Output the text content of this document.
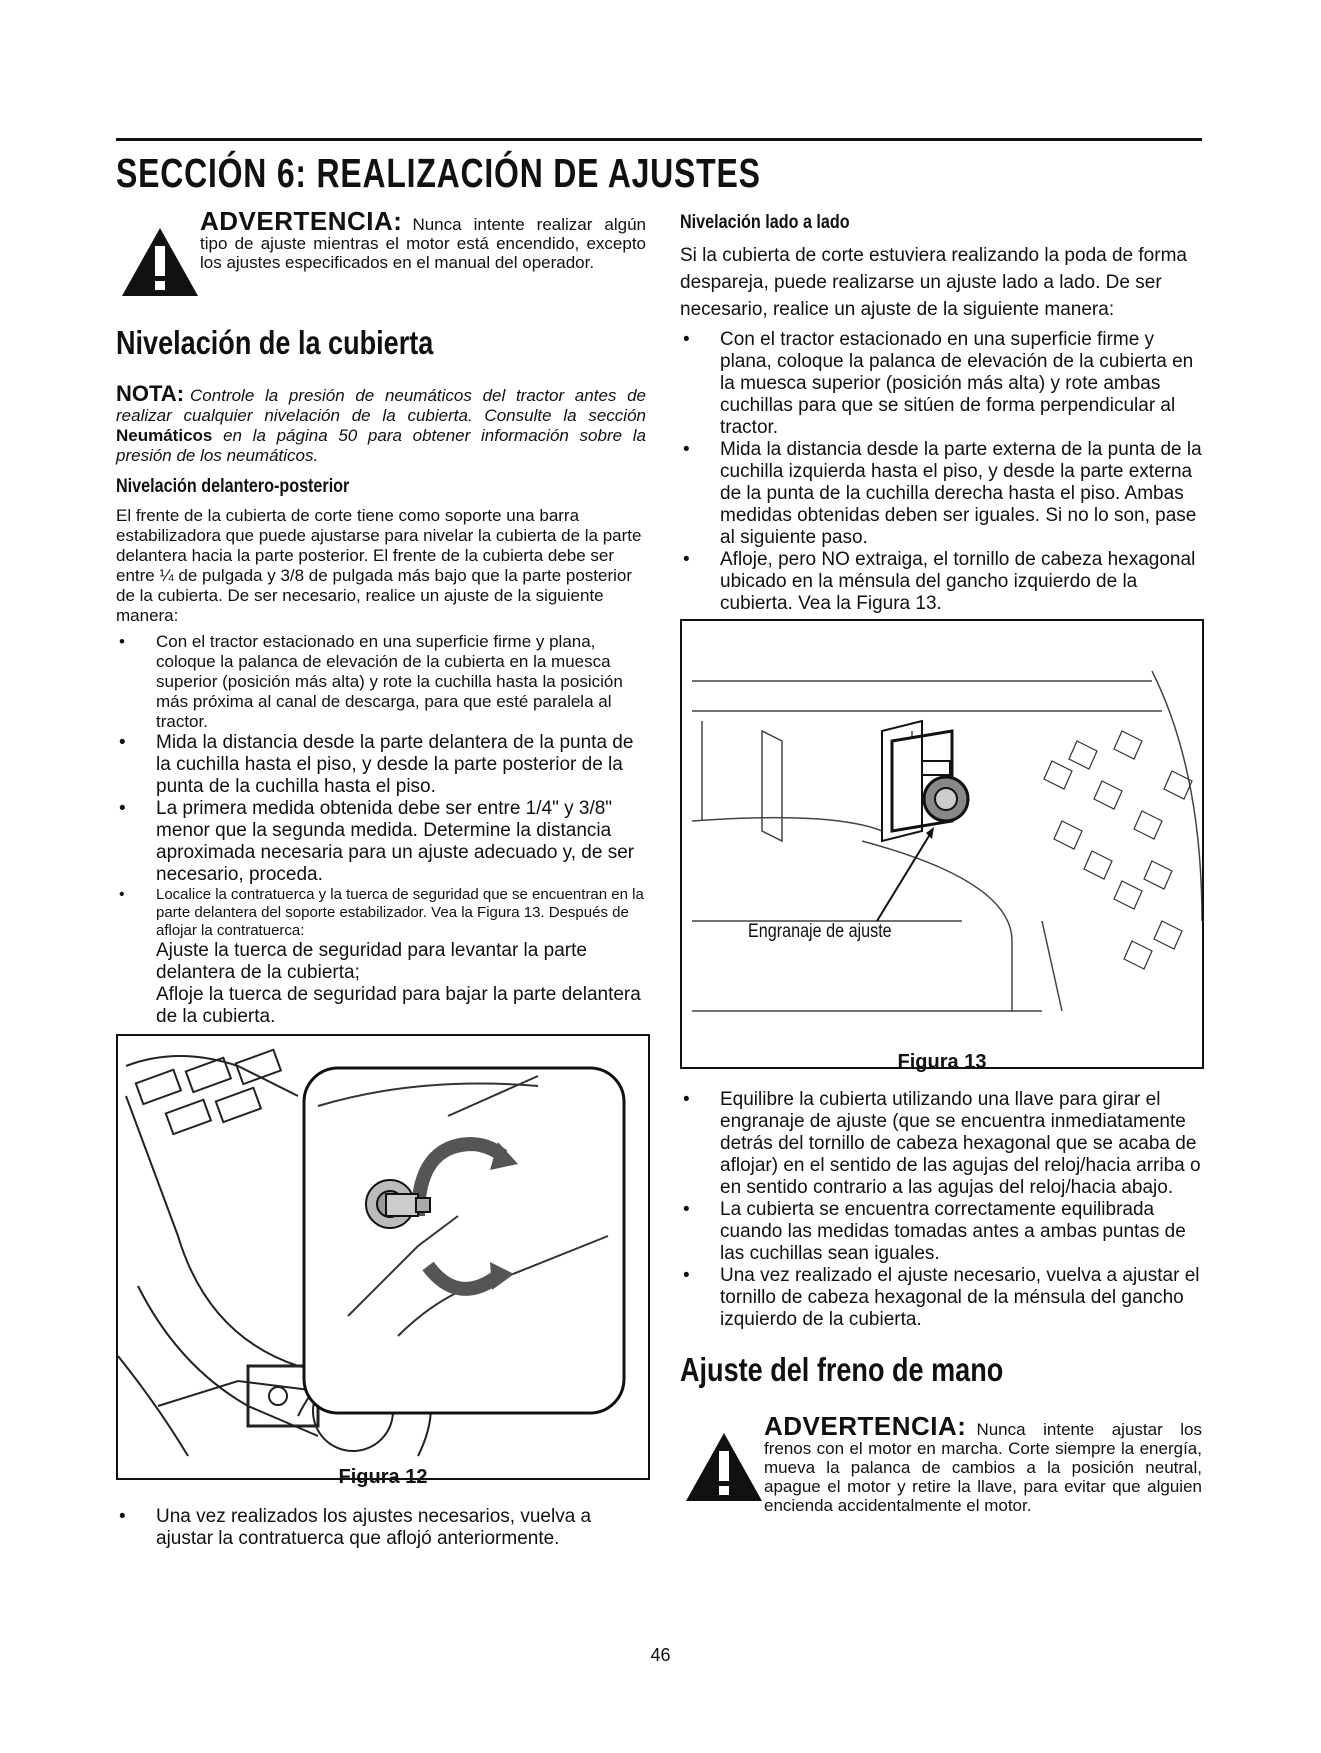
SECCIÓN 6: REALIZACIÓN DE AJUSTES
ADVERTENCIA: Nunca intente realizar algún tipo de ajuste mientras el motor está encendido, excepto los ajustes especificados en el manual del operador.
Nivelación de la cubierta
NOTA: Controle la presión de neumáticos del tractor antes de realizar cualquier nivelación de la cubierta. Consulte la sección Neumáticos en la página 50 para obtener información sobre la presión de los neumáticos.
Nivelación delantero-posterior
El frente de la cubierta de corte tiene como soporte una barra estabilizadora que puede ajustarse para nivelar la cubierta de la parte delantera hacia la parte posterior. El frente de la cubierta debe ser entre ¼ de pulgada y 3/8 de pulgada más bajo que la parte posterior de la cubierta. De ser necesario, realice un ajuste de la siguiente manera:
• Con el tractor estacionado en una superficie firme y plana, coloque la palanca de elevación de la cubierta en la muesca superior (posición más alta) y rote la cuchilla hasta la posición más próxima al canal de descarga, para que esté paralela al tractor.
• Mida la distancia desde la parte delantera de la punta de la cuchilla hasta el piso, y desde la parte posterior de la punta de la cuchilla hasta el piso.
• La primera medida obtenida debe ser entre 1/4" y 3/8" menor que la segunda medida. Determine la distancia aproximada necesaria para un ajuste adecuado y, de ser necesario, proceda.
• Localice la contratuerca y la tuerca de seguridad que se encuentran en la parte delantera del soporte estabilizador. Vea la Figura 13. Después de aflojar la contratuerca:
Ajuste la tuerca de seguridad para levantar la parte delantera de la cubierta;
Afloje la tuerca de seguridad para bajar la parte delantera de la cubierta.
Figura 12
• Una vez realizados los ajustes necesarios, vuelva a ajustar la contratuerca que aflojó anteriormente.
Nivelación lado a lado
Si la cubierta de corte estuviera realizando la poda de forma despareja, puede realizarse un ajuste lado a lado. De ser necesario, realice un ajuste de la siguiente manera:
• Con el tractor estacionado en una superficie firme y plana, coloque la palanca de elevación de la cubierta en la muesca superior (posición más alta) y rote ambas cuchillas para que se sitúen de forma perpendicular al tractor.
• Mida la distancia desde la parte externa de la punta de la cuchilla izquierda hasta el piso, y desde la parte externa de la punta de la cuchilla derecha hasta el piso. Ambas medidas obtenidas deben ser iguales. Si no lo son, pase al siguiente paso.
• Afloje, pero NO extraiga, el tornillo de cabeza hexagonal ubicado en la ménsula del gancho izquierdo de la cubierta. Vea la Figura 13.
Engranaje de ajuste
Figura 13
• Equilibre la cubierta utilizando una llave para girar el engranaje de ajuste (que se encuentra inmediatamente detrás del tornillo de cabeza hexagonal que se acaba de aflojar) en el sentido de las agujas del reloj/hacia arriba o en sentido contrario a las agujas del reloj/hacia abajo.
• La cubierta se encuentra correctamente equilibrada cuando las medidas tomadas antes a ambas puntas de las cuchillas sean iguales.
• Una vez realizado el ajuste necesario, vuelva a ajustar el tornillo de cabeza hexagonal de la ménsula del gancho izquierdo de la cubierta.
Ajuste del freno de mano
ADVERTENCIA: Nunca intente ajustar los frenos con el motor en marcha. Corte siempre la energía, mueva la palanca de cambios a la posición neutral, apague el motor y retire la llave, para evitar que alguien encienda accidentalmente el motor.
46
